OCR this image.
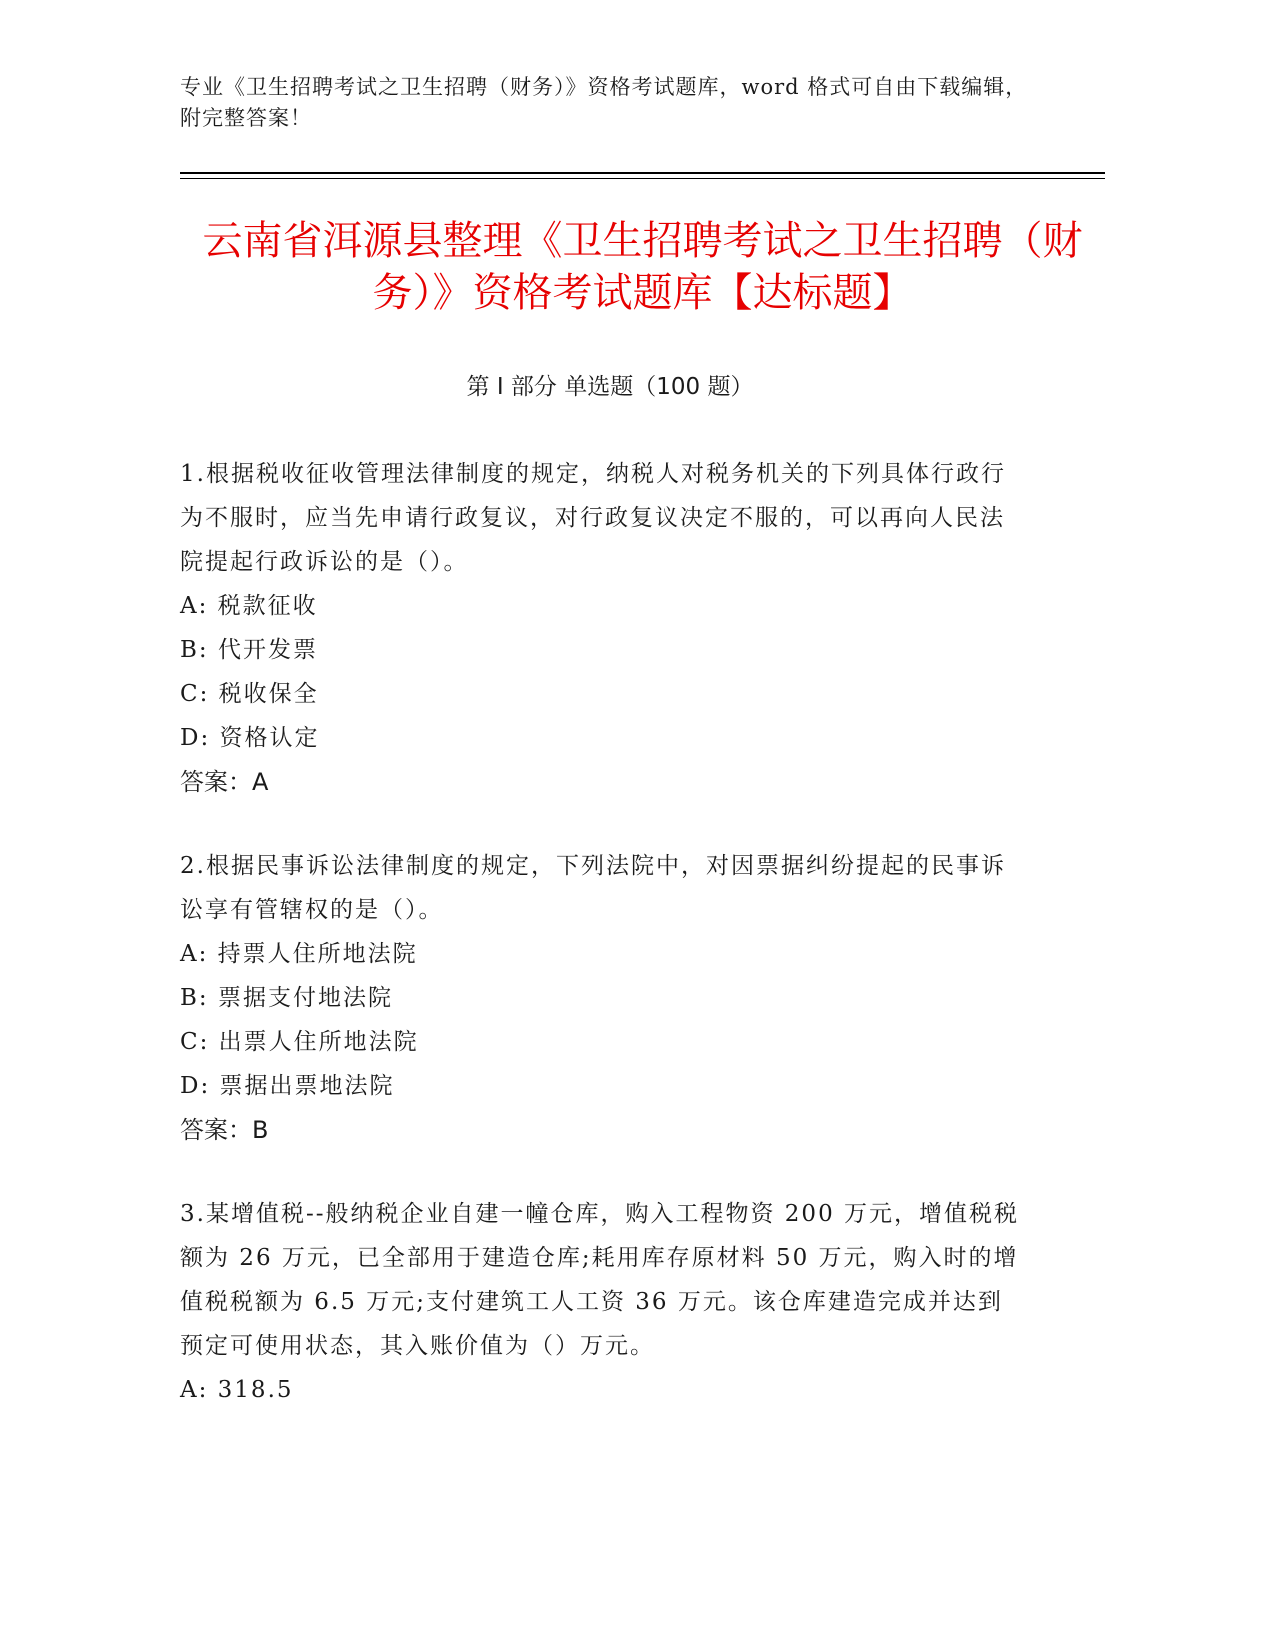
专业《卫生招聘考试之卫生招聘（财务）》资格考试题库，word 格式可自由下载编辑，附完整答案！
云南省洱源县整理《卫生招聘考试之卫生招聘（财务）》资格考试题库【达标题】
第 I 部分 单选题（100 题）
1.根据税收征收管理法律制度的规定，纳税人对税务机关的下列具体行政行为不服时，应当先申请行政复议，对行政复议决定不服的，可以再向人民法院提起行政诉讼的是（）。
A: 税款征收
B: 代开发票
C: 税收保全
D: 资格认定
答案：A
2.根据民事诉讼法律制度的规定，下列法院中，对因票据纠纷提起的民事诉讼享有管辖权的是（）。
A: 持票人住所地法院
B: 票据支付地法院
C: 出票人住所地法院
D: 票据出票地法院
答案：B
3.某增值税--般纳税企业自建一幢仓库，购入工程物资 200 万元，增值税税额为 26 万元，已全部用于建造仓库;耗用库存原材料 50 万元，购入时的增值税税额为 6.5 万元;支付建筑工人工资 36 万元。该仓库建造完成并达到预定可使用状态，其入账价值为（）万元。
A: 318.5
